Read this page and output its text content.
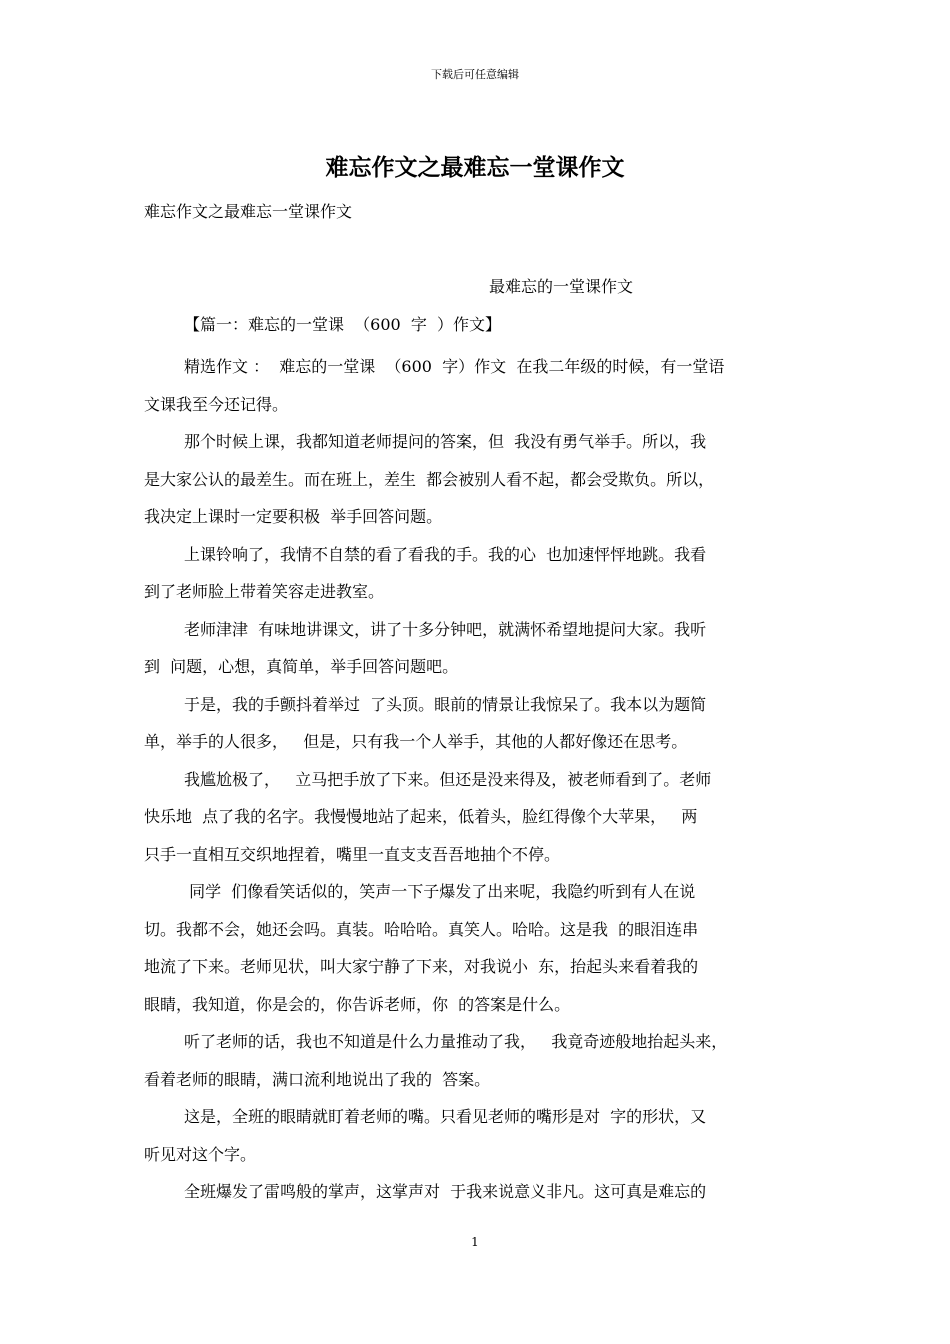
下载后可任意编辑
难忘作文之最难忘一堂课作文
难忘作文之最难忘一堂课作文
最难忘的一堂课作文
【篇一：难忘的一堂课  （600  字  ）作文】

精选作文 ：  难忘的一堂课  （600  字）作文  在我二年级的时候，有一堂语
文课我至今还记得。

那个时候上课，我都知道老师提问的答案，但  我没有勇气举手。所以，我
是大家公认的最差生。而在班上，差生  都会被别人看不起，都会受欺负。所以，
我决定上课时一定要积极  举手回答问题。

上课铃响了，我情不自禁的看了看我的手。我的心  也加速怦怦地跳。我看
到了老师脸上带着笑容走进教室。

老师津津  有味地讲课文，讲了十多分钟吧，就满怀希望地提问大家。我听
到  问题，心想，真简单，举手回答问题吧。

于是，我的手颤抖着举过  了头顶。眼前的情景让我惊呆了。我本以为题简
单，举手的人很多，   但是，只有我一个人举手，其他的人都好像还在思考。

我尴尬极了，   立马把手放了下来。但还是没来得及，被老师看到了。老师
快乐地  点了我的名字。我慢慢地站了起来，低着头，脸红得像个大苹果，   两
只手一直相互交织地捏着，嘴里一直支支吾吾地抽个不停。

同学  们像看笑话似的，笑声一下子爆发了出来呢，我隐约听到有人在说
切。我都不会，她还会吗。真装。哈哈哈。真笑人。哈哈。这是我  的眼泪连串
地流了下来。老师见状，叫大家宁静了下来，对我说小  东，抬起头来看着我的
眼睛，我知道，你是会的，你告诉老师，你  的答案是什么。

听了老师的话，我也不知道是什么力量推动了我，   我竟奇迹般地抬起头来，
看着老师的眼睛，满口流利地说出了我的  答案。

这是，全班的眼睛就盯着老师的嘴。只看见老师的嘴形是对  字的形状，又
听见对这个字。

全班爆发了雷鸣般的掌声，这掌声对  于我来说意义非凡。这可真是难忘的

1
